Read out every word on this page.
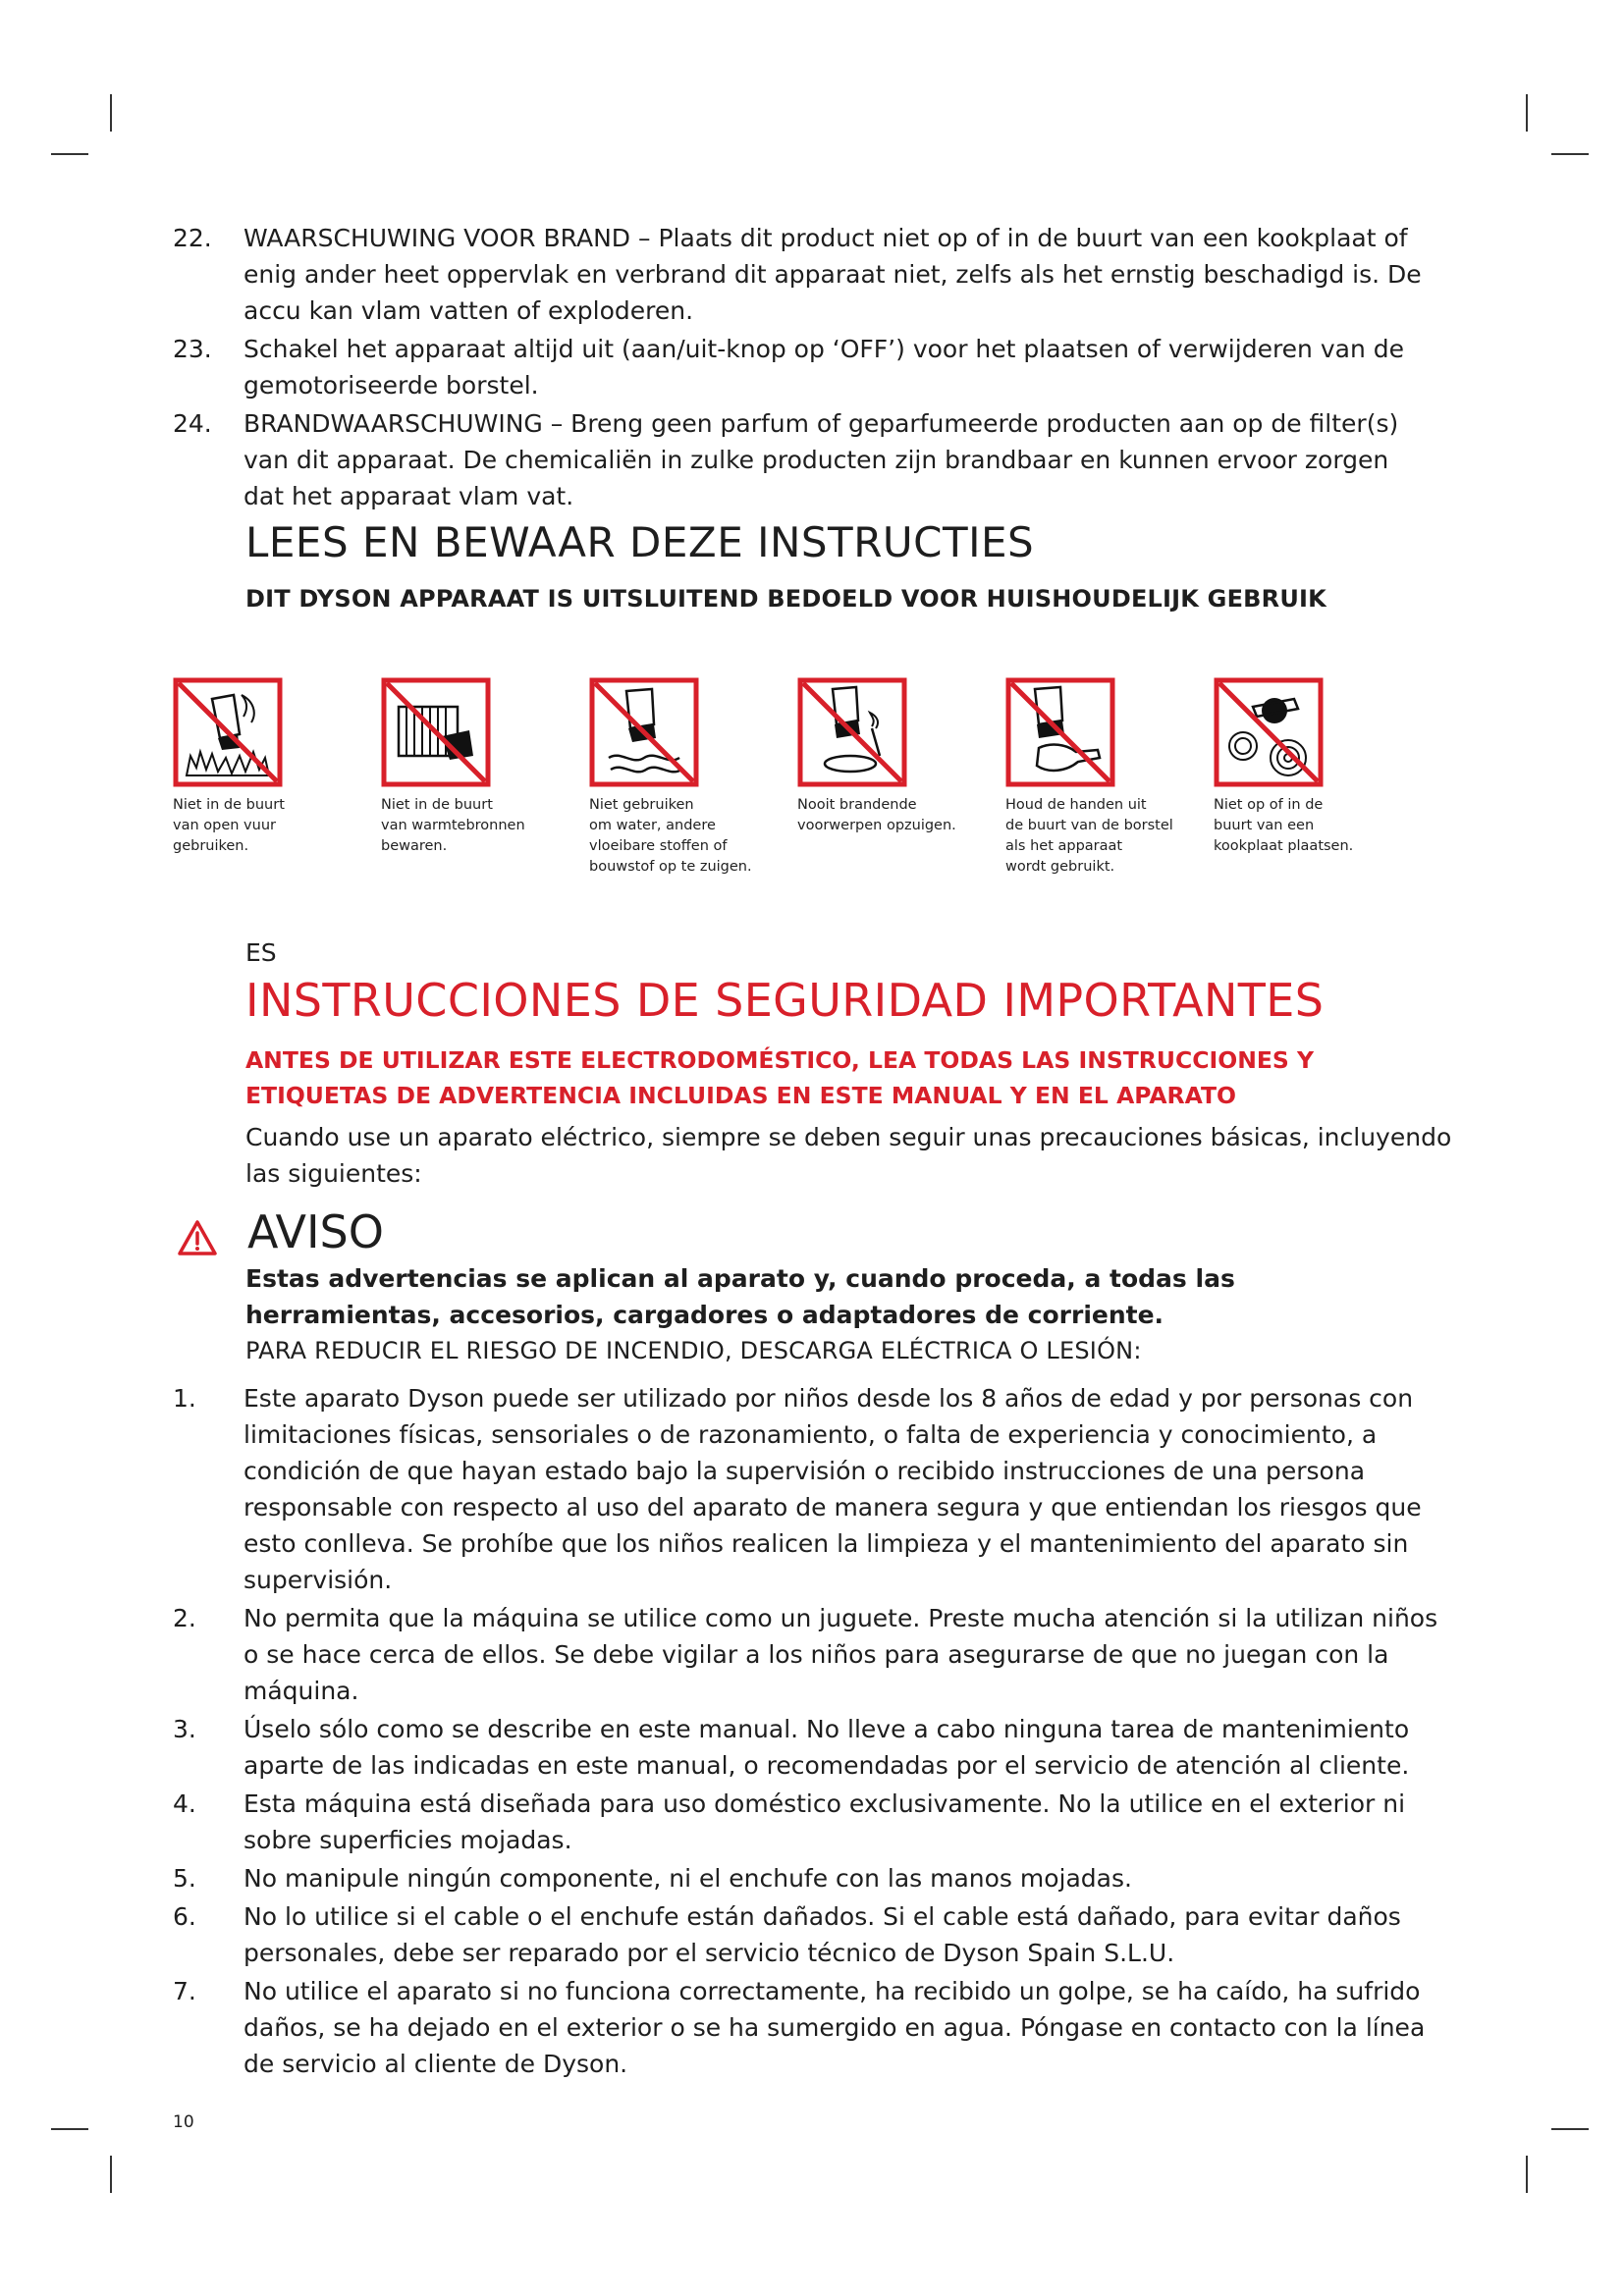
22. WAARSCHUWING VOOR BRAND – Plaats dit product niet op of in de buurt van een kookplaat of enig ander heet oppervlak en verbrand dit apparaat niet, zelfs als het ernstig beschadigd is. De accu kan vlam vatten of exploderen.
23. Schakel het apparaat altijd uit (aan/uit-knop op ‘OFF’) voor het plaatsen of verwijderen van de gemotoriseerde borstel.
24. BRANDWAARSCHUWING – Breng geen parfum of geparfumeerde producten aan op de filter(s) van dit apparaat. De chemicaliën in zulke producten zijn brandbaar en kunnen ervoor zorgen dat het apparaat vlam vat.
LEES EN BEWAAR DEZE INSTRUCTIES

DIT DYSON APPARAAT IS UITSLUITEND BEDOELD VOOR HUISHOUDELIJK GEBRUIK

Niet in de buurt
van open vuur
gebruiken.
Niet in de buurt
van warmtebronnen
bewaren.
Niet gebruiken
om water, andere
vloeibare stoffen of
bouwstof op te zuigen.
Nooit brandende
voorwerpen opzuigen.
Houd de handen uit
de buurt van de borstel
als het apparaat
wordt gebruikt.
Niet op of in de
buurt van een
kookplaat plaatsen.

ES

INSTRUCCIONES DE SEGURIDAD IMPORTANTES
ANTES DE UTILIZAR ESTE ELECTRODOMÉSTICO, LEA TODAS LAS INSTRUCCIONES Y
ETIQUETAS DE ADVERTENCIA INCLUIDAS EN ESTE MANUAL Y EN EL APARATO

Cuando use un aparato eléctrico, siempre se deben seguir unas precauciones básicas, incluyendo las siguientes:

AVISO

Estas advertencias se aplican al aparato y, cuando proceda, a todas las herramientas, accesorios, cargadores o adaptadores de corriente.

PARA REDUCIR EL RIESGO DE INCENDIO, DESCARGA ELÉCTRICA O LESIÓN:

1. Este aparato Dyson puede ser utilizado por niños desde los 8 años de edad y por personas con limitaciones físicas, sensoriales o de razonamiento, o falta de experiencia y conocimiento, a condición de que hayan estado bajo la supervisión o recibido instrucciones de una persona responsable con respecto al uso del aparato de manera segura y que entiendan los riesgos que esto conlleva. Se prohíbe que los niños realicen la limpieza y el mantenimiento del aparato sin supervisión.
2. No permita que la máquina se utilice como un juguete. Preste mucha atención si la utilizan niños o se hace cerca de ellos. Se debe vigilar a los niños para asegurarse de que no juegan con la máquina.
3. Úselo sólo como se describe en este manual. No lleve a cabo ninguna tarea de mantenimiento aparte de las indicadas en este manual, o recomendadas por el servicio de atención al cliente.
4. Esta máquina está diseñada para uso doméstico exclusivamente. No la utilice en el exterior ni sobre superficies mojadas.
5. No manipule ningún componente, ni el enchufe con las manos mojadas.
6. No lo utilice si el cable o el enchufe están dañados. Si el cable está dañado, para evitar daños personales, debe ser reparado por el servicio técnico de Dyson Spain S.L.U.
7. No utilice el aparato si no funciona correctamente, ha recibido un golpe, se ha caído, ha sufrido daños, se ha dejado en el exterior o se ha sumergido en agua. Póngase en contacto con la línea de servicio al cliente de Dyson.
10
